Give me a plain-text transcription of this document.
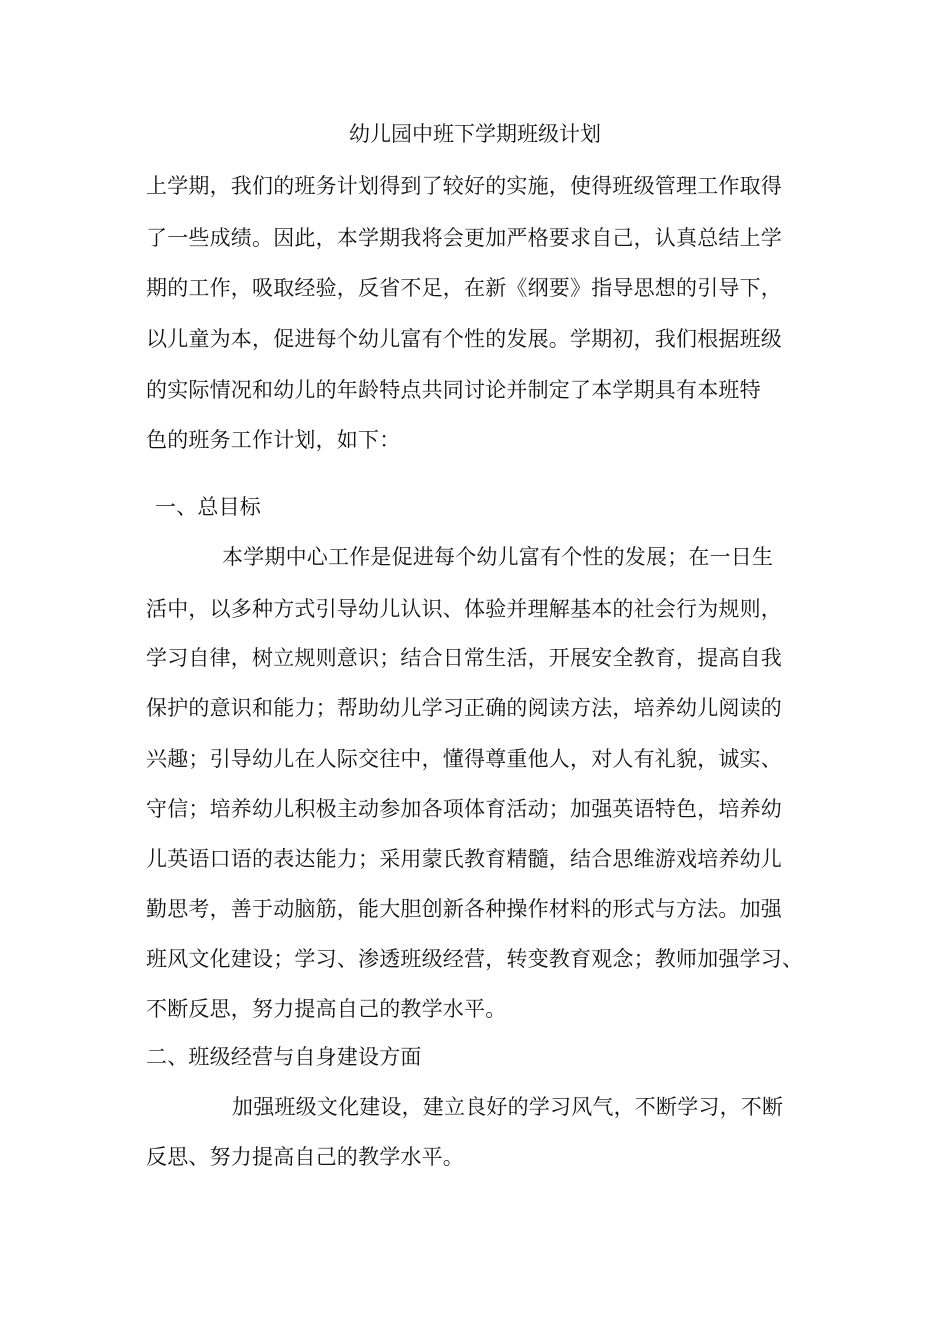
幼儿园中班下学期班级计划
上学期，我们的班务计划得到了较好的实施，使得班级管理工作取得
了一些成绩。因此，本学期我将会更加严格要求自己，认真总结上学
期的工作，吸取经验，反省不足，在新《纲要》指导思想的引导下，
以儿童为本，促进每个幼儿富有个性的发展。学期初，我们根据班级
的实际情况和幼儿的年龄特点共同讨论并制定了本学期具有本班特
色的班务工作计划，如下：
一、总目标
本学期中心工作是促进每个幼儿富有个性的发展；在一日生
活中，以多种方式引导幼儿认识、体验并理解基本的社会行为规则，
学习自律，树立规则意识；结合日常生活，开展安全教育，提高自我
保护的意识和能力；帮助幼儿学习正确的阅读方法，培养幼儿阅读的
兴趣；引导幼儿在人际交往中，懂得尊重他人，对人有礼貌，诚实、
守信；培养幼儿积极主动参加各项体育活动；加强英语特色，培养幼
儿英语口语的表达能力；采用蒙氏教育精髓，结合思维游戏培养幼儿
勤思考，善于动脑筋，能大胆创新各种操作材料的形式与方法。加强
班风文化建设；学习、渗透班级经营，转变教育观念；教师加强学习、
不断反思，努力提高自己的教学水平。
二、班级经营与自身建设方面
加强班级文化建设，建立良好的学习风气，不断学习，不断
反思、努力提高自己的教学水平。
